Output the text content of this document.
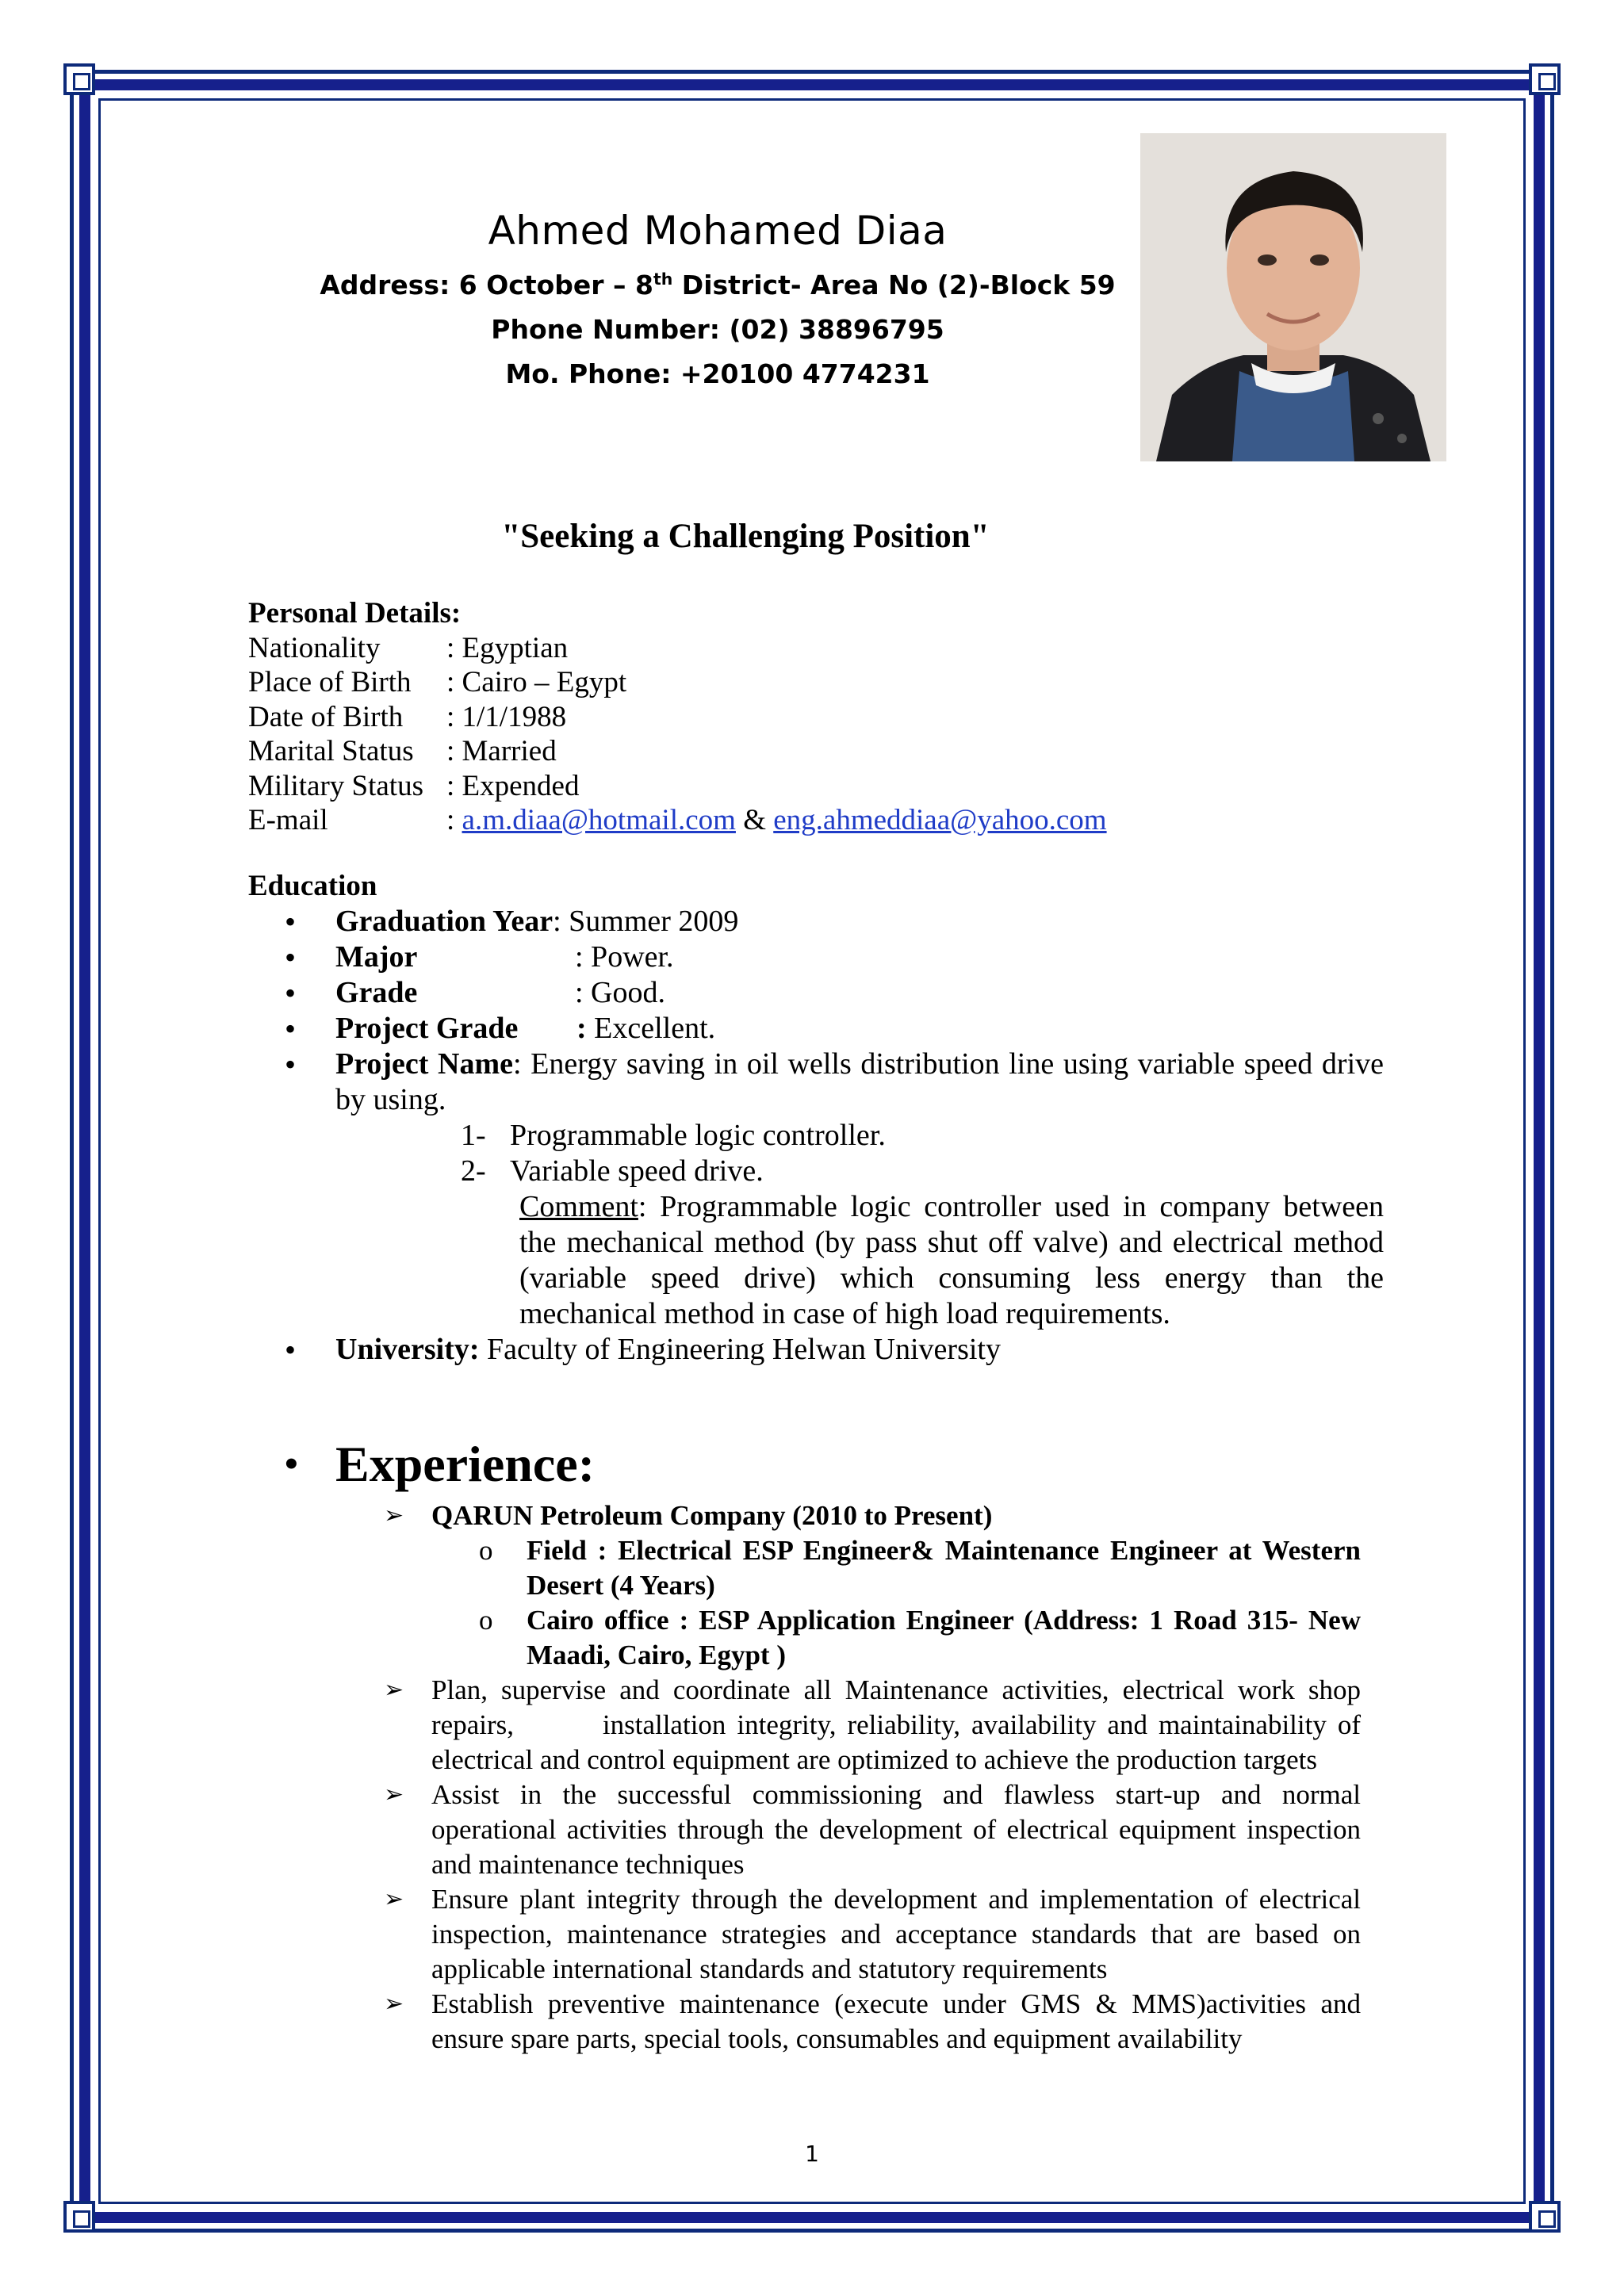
Ahmed Mohamed Diaa
Address: 6 October – 8th District- Area No (2)-Block 59
Phone Number: (02) 38896795
Mo. Phone: +20100 4774231
"Seeking a Challenging Position"
Personal Details:
Nationality : Egyptian
Place of Birth : Cairo – Egypt
Date of Birth : 1/1/1988
Marital Status : Married
Military Status : Expended
E-mail	: a.m.diaa@hotmail.com & eng.ahmeddiaa@yahoo.com
Education
• Graduation Year: Summer 2009
• Major	: Power.
• Grade	: Good.
• Project Grade : Excellent.
• Project Name: Energy saving in oil wells distribution line using variable speed drive by using.
1- Programmable logic controller.
2- Variable speed drive.
Comment: Programmable logic controller used in company between the mechanical method (by pass shut off valve) and electrical method (variable speed drive) which consuming less energy than the mechanical method in case of high load requirements.
• University: Faculty of Engineering Helwan University
• Experience:
➢ QARUN Petroleum Company (2010 to Present)
o Field : Electrical ESP Engineer& Maintenance Engineer at Western Desert (4 Years)
o Cairo office : ESP Application Engineer (Address: 1 Road 315- New Maadi, Cairo, Egypt )
➢ Plan, supervise and coordinate all Maintenance activities, electrical work shop repairs,        installation integrity, reliability, availability and maintainability of electrical and control equipment are optimized to achieve the production targets
➢ Assist in the successful commissioning and flawless start-up and normal operational activities through the development of electrical equipment inspection and maintenance techniques
➢ Ensure plant integrity through the development and implementation of electrical inspection, maintenance strategies and acceptance standards that are based on applicable international standards and statutory requirements
➢ Establish preventive maintenance (execute under GMS & MMS)activities and ensure spare parts, special tools, consumables and equipment availability
1
